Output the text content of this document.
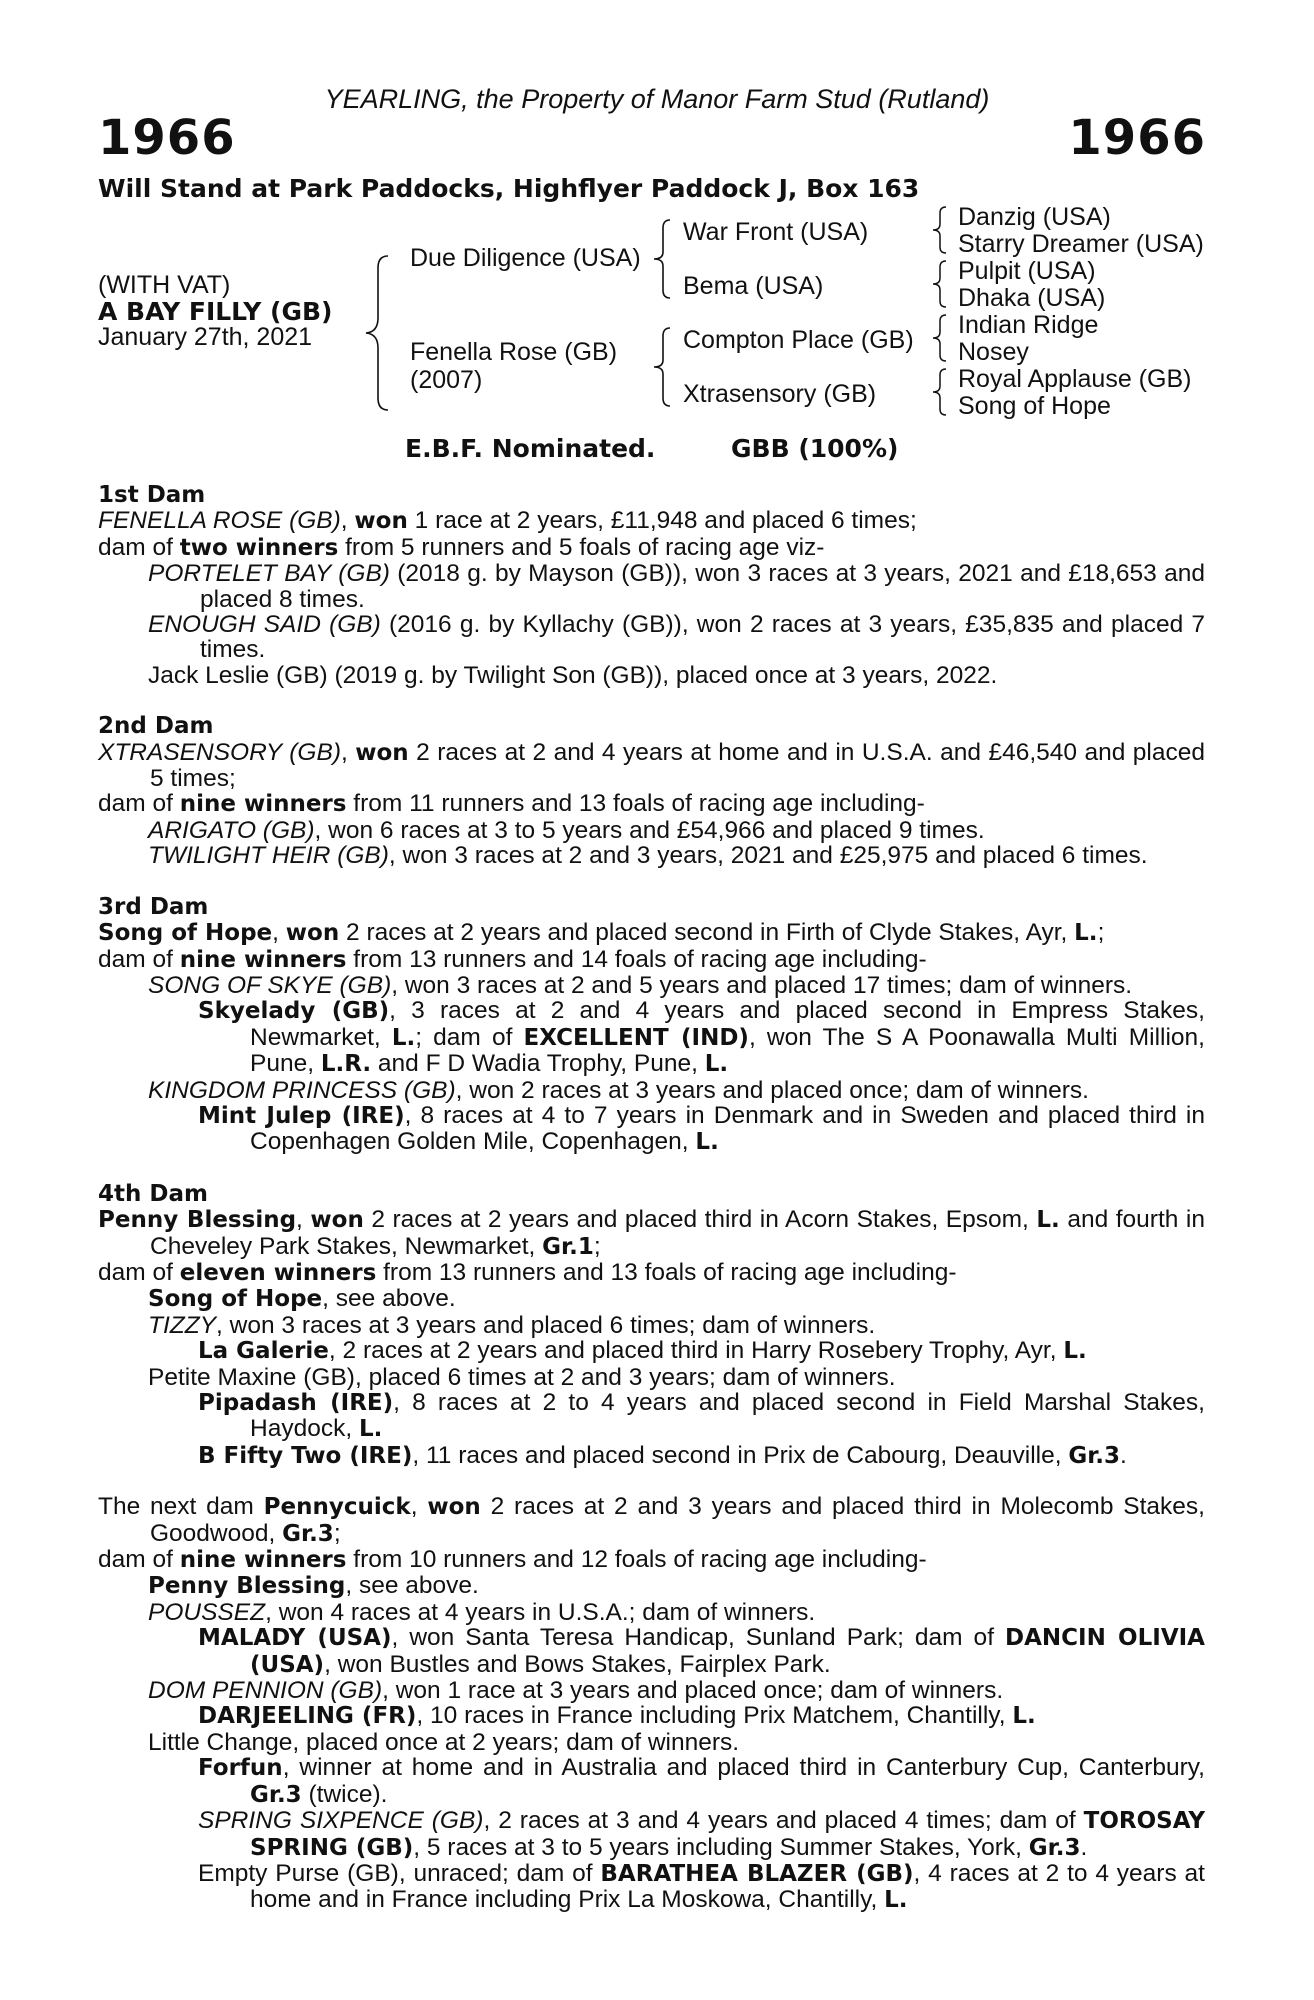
YEARLING, the Property of Manor Farm Stud (Rutland)
1966	1966
Will Stand at Park Paddocks, Highflyer Paddock J, Box 163
(WITH VAT)
A BAY FILLY (GB)
January 27th, 2021
Due Diligence (USA)
Fenella Rose (GB)
(2007)
War Front (USA)
Bema (USA)
Compton Place (GB)
Xtrasensory (GB)
Danzig (USA)
Starry Dreamer (USA)
Pulpit (USA)
Dhaka (USA)
Indian Ridge
Nosey
Royal Applause (GB)
Song of Hope
E.B.F. Nominated.	GBB (100%)
1st Dam
FENELLA ROSE (GB), won 1 race at 2 years, £11,948 and placed 6 times;
dam of two winners from 5 runners and 5 foals of racing age viz-
PORTELET BAY (GB) (2018 g. by Mayson (GB)), won 3 races at 3 years, 2021 and £18,653 and placed 8 times.
ENOUGH SAID (GB) (2016 g. by Kyllachy (GB)), won 2 races at 3 years, £35,835 and placed 7 times.
Jack Leslie (GB) (2019 g. by Twilight Son (GB)), placed once at 3 years, 2022.
2nd Dam
XTRASENSORY (GB), won 2 races at 2 and 4 years at home and in U.S.A. and £46,540 and placed 5 times;
dam of nine winners from 11 runners and 13 foals of racing age including-
ARIGATO (GB), won 6 races at 3 to 5 years and £54,966 and placed 9 times.
TWILIGHT HEIR (GB), won 3 races at 2 and 3 years, 2021 and £25,975 and placed 6 times.
3rd Dam
Song of Hope, won 2 races at 2 years and placed second in Firth of Clyde Stakes, Ayr, L.;
dam of nine winners from 13 runners and 14 foals of racing age including-
SONG OF SKYE (GB), won 3 races at 2 and 5 years and placed 17 times; dam of winners.
Skyelady (GB), 3 races at 2 and 4 years and placed second in Empress Stakes, Newmarket, L.; dam of EXCELLENT (IND), won The S A Poonawalla Multi Million, Pune, L.R. and F D Wadia Trophy, Pune, L.
KINGDOM PRINCESS (GB), won 2 races at 3 years and placed once; dam of winners.
Mint Julep (IRE), 8 races at 4 to 7 years in Denmark and in Sweden and placed third in Copenhagen Golden Mile, Copenhagen, L.
4th Dam
Penny Blessing, won 2 races at 2 years and placed third in Acorn Stakes, Epsom, L. and fourth in Cheveley Park Stakes, Newmarket, Gr.1;
dam of eleven winners from 13 runners and 13 foals of racing age including-
Song of Hope, see above.
TIZZY, won 3 races at 3 years and placed 6 times; dam of winners.
La Galerie, 2 races at 2 years and placed third in Harry Rosebery Trophy, Ayr, L.
Petite Maxine (GB), placed 6 times at 2 and 3 years; dam of winners.
Pipadash (IRE), 8 races at 2 to 4 years and placed second in Field Marshal Stakes, Haydock, L.
B Fifty Two (IRE), 11 races and placed second in Prix de Cabourg, Deauville, Gr.3.
The next dam Pennycuick, won 2 races at 2 and 3 years and placed third in Molecomb Stakes, Goodwood, Gr.3;
dam of nine winners from 10 runners and 12 foals of racing age including-
Penny Blessing, see above.
POUSSEZ, won 4 races at 4 years in U.S.A.; dam of winners.
MALADY (USA), won Santa Teresa Handicap, Sunland Park; dam of DANCIN OLIVIA (USA), won Bustles and Bows Stakes, Fairplex Park.
DOM PENNION (GB), won 1 race at 3 years and placed once; dam of winners.
DARJEELING (FR), 10 races in France including Prix Matchem, Chantilly, L.
Little Change, placed once at 2 years; dam of winners.
Forfun, winner at home and in Australia and placed third in Canterbury Cup, Canterbury, Gr.3 (twice).
SPRING SIXPENCE (GB), 2 races at 3 and 4 years and placed 4 times; dam of TOROSAY SPRING (GB), 5 races at 3 to 5 years including Summer Stakes, York, Gr.3.
Empty Purse (GB), unraced; dam of BARATHEA BLAZER (GB), 4 races at 2 to 4 years at home and in France including Prix La Moskowa, Chantilly, L.
